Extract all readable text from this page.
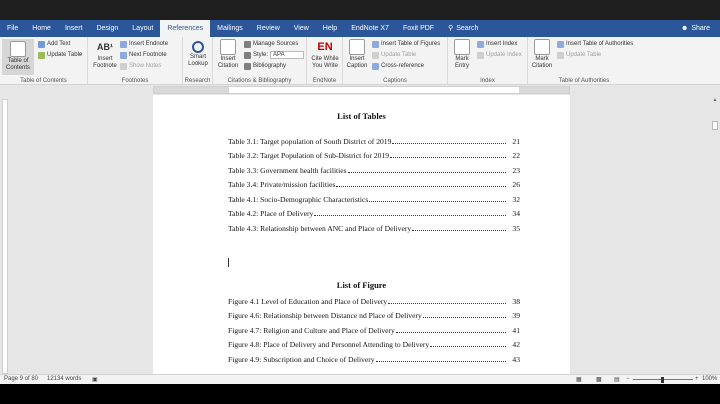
File	Home	Insert	Design	Layout	References	Mailings	Review	View	Help	EndNote X7	Foxit PDF	⚲ Search	☻ Share
Table of Contents
Add Text
Update Table
Table of Contents
AB¹
Insert Footnote
Insert Endnote
Next Footnote
Show Notes
Footnotes
Smart Lookup
Research
Insert Citation
Manage Sources
Style: APA
Bibliography
Citations & Bibliography
EN
Cite While You Write
EndNote
Insert Caption
Insert Table of Figures
Update Table
Cross-reference
Captions
Mark Entry
Insert Index
Update Index
Index
Mark Citation
Insert Table of Authorities
Update Table
Table of Authorities
List of Tables
Table 3.1: Target population of South District of 2019	21
Table 3.2: Target Population of Sub-District for 2019	22
Table 3.3: Government health facilities	23
Table 3.4: Private/mission facilities	26
Table 4.1: Socio-Demographic Characteristics	32
Table 4.2: Place of Delivery	34
Table 4.3: Relationship between ANC and Place of Delivery	35
List of Figure
Figure 4.1 Level of Education and Place of Delivery	38
Figure 4.6: Relationship between Distance nd Place of Delivery	39
Figure 4.7: Religion and Culture and Place of Delivery	41
Figure 4.8: Place of Delivery and Personnel Attending to Delivery	42
Figure 4.9: Subscription and Choice of Delivery	43
▲
Page 9 of 80 12134 words ▣	▦ ▩ ▤ −	+ 100%
